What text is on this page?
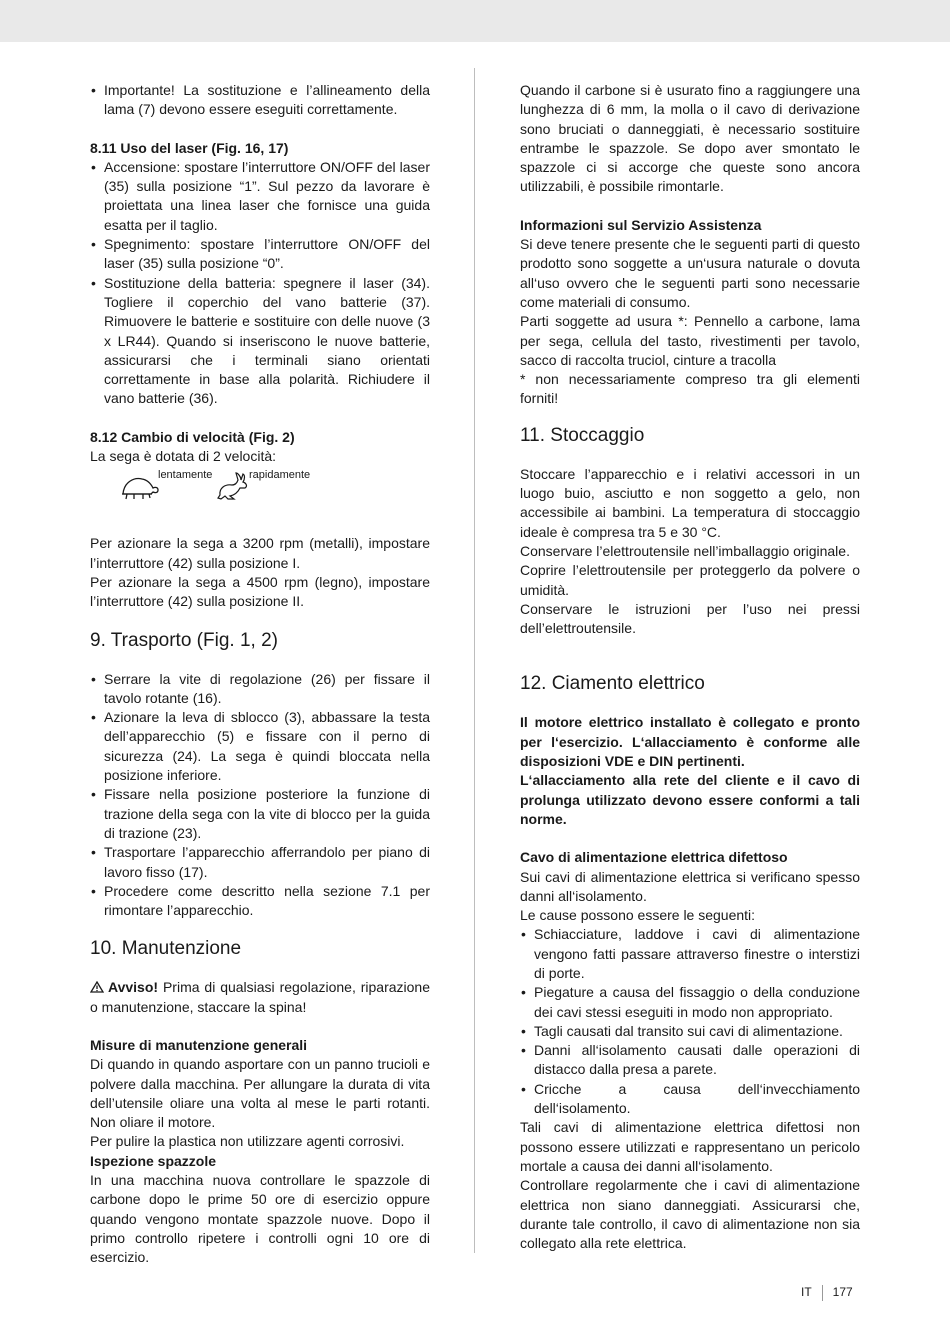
• Importante! La sostituzione e l’allineamento della lama (7) devono essere eseguiti correttamente.
8.11 Uso del laser (Fig. 16, 17)
• Accensione: spostare l’interruttore ON/OFF del laser (35) sulla posizione “1”. Sul pezzo da lavorare è proiettata una linea laser che fornisce una guida esatta per il taglio.
• Spegnimento: spostare l’interruttore ON/OFF del laser (35) sulla posizione “0”.
• Sostituzione della batteria: spegnere il laser (34). Togliere il coperchio del vano batterie (37). Rimuovere le batterie e sostituire con delle nuove (3 x LR44). Quando si inseriscono le nuove batterie, assicurarsi che i terminali siano orientati correttamente in base alla polarità. Richiudere il vano batterie (36).
8.12 Cambio di velocità (Fig. 2)

La sega è dotata di 2 velocità:

lentamente	rapidamente

Per azionare la sega a 3200 rpm (metalli), impostare l’interruttore (42) sulla posizione I.

Per azionare la sega a 4500 rpm (legno), impostare l’interruttore (42) sulla posizione II.

9. Trasporto (Fig. 1, 2)
• Serrare la vite di regolazione (26) per fissare il tavolo rotante (16).
• Azionare la leva di sblocco (3), abbassare la testa dell’apparecchio (5) e fissare con il perno di sicurezza (24). La sega è quindi bloccata nella posizione inferiore.
• Fissare nella posizione posteriore la funzione di trazione della sega con la vite di blocco per la guida di trazione (23).
• Trasportare l’apparecchio afferrandolo per piano di lavoro fisso (17).
• Procedere come descritto nella sezione 7.1 per rimontare l’apparecchio.
10. Manutenzione

Avviso! Prima di qualsiasi regolazione, riparazione o manutenzione, staccare la spina!

Misure di manutenzione generali

Di quando in quando asportare con un panno trucioli e polvere dalla macchina. Per allungare la durata di vita dell’utensile oliare una volta al mese le parti rotanti. Non oliare il motore.

Per pulire la plastica non utilizzare agenti corrosivi.

Ispezione spazzole

In una macchina nuova controllare le spazzole di carbone dopo le prime 50 ore di esercizio oppure quando vengono montate spazzole nuove. Dopo il primo controllo ripetere i controlli ogni 10 ore di esercizio.

Quando il carbone si è usurato fino a raggiungere una lunghezza di 6 mm, la molla o il cavo di derivazione sono bruciati o danneggiati, è necessario sostituire entrambe le spazzole. Se dopo aver smontato le spazzole ci si accorge che queste sono ancora utilizzabili, è possibile rimontarle.

Informazioni sul Servizio Assistenza

Si deve tenere presente che le seguenti parti di questo prodotto sono soggette a un‘usura naturale o dovuta all‘uso ovvero che le seguenti parti sono necessarie come materiali di consumo.

Parti soggette ad usura *: Pennello a carbone, lama per sega, cellula del tasto, rivestimenti per tavolo, sacco di raccolta truciol, cinture a tracolla

* non necessariamente compreso tra gli elementi forniti!

11. Stoccaggio

Stoccare l’apparecchio e i relativi accessori in un luogo buio, asciutto e non soggetto a gelo, non accessibile ai bambini. La temperatura di stoccaggio ideale è compresa tra 5 e 30 °C.

Conservare l’elettroutensile nell’imballaggio originale.

Coprire l’elettroutensile per proteggerlo da polvere o umidità.

Conservare le istruzioni per l’uso nei pressi dell’elettroutensile.

12. Ciamento elettrico

Il motore elettrico installato è collegato e pronto per l‘esercizio. L‘allacciamento è conforme alle disposizioni VDE e DIN pertinenti.

L‘allacciamento alla rete del cliente e il cavo di prolunga utilizzato devono essere conformi a tali norme.

Cavo di alimentazione elettrica difettoso

Sui cavi di alimentazione elettrica si verificano spesso danni all‘isolamento.

Le cause possono essere le seguenti:

• Schiacciature, laddove i cavi di alimentazione vengono fatti passare attraverso finestre o interstizi di porte.
• Piegature a causa del fissaggio o della conduzione dei cavi stessi eseguiti in modo non appropriato.
• Tagli causati dal transito sui cavi di alimentazione.
• Danni all‘isolamento causati dalle operazioni di distacco dalla presa a parete.
• Cricche a causa dell‘invecchiamento dell‘isolamento.

Tali cavi di alimentazione elettrica difettosi non possono essere utilizzati e rappresentano un pericolo mortale a causa dei danni all‘isolamento.

Controllare regolarmente che i cavi di alimentazione elettrica non siano danneggiati. Assicurarsi che, durante tale controllo, il cavo di alimentazione non sia collegato alla rete elettrica.

IT 177
